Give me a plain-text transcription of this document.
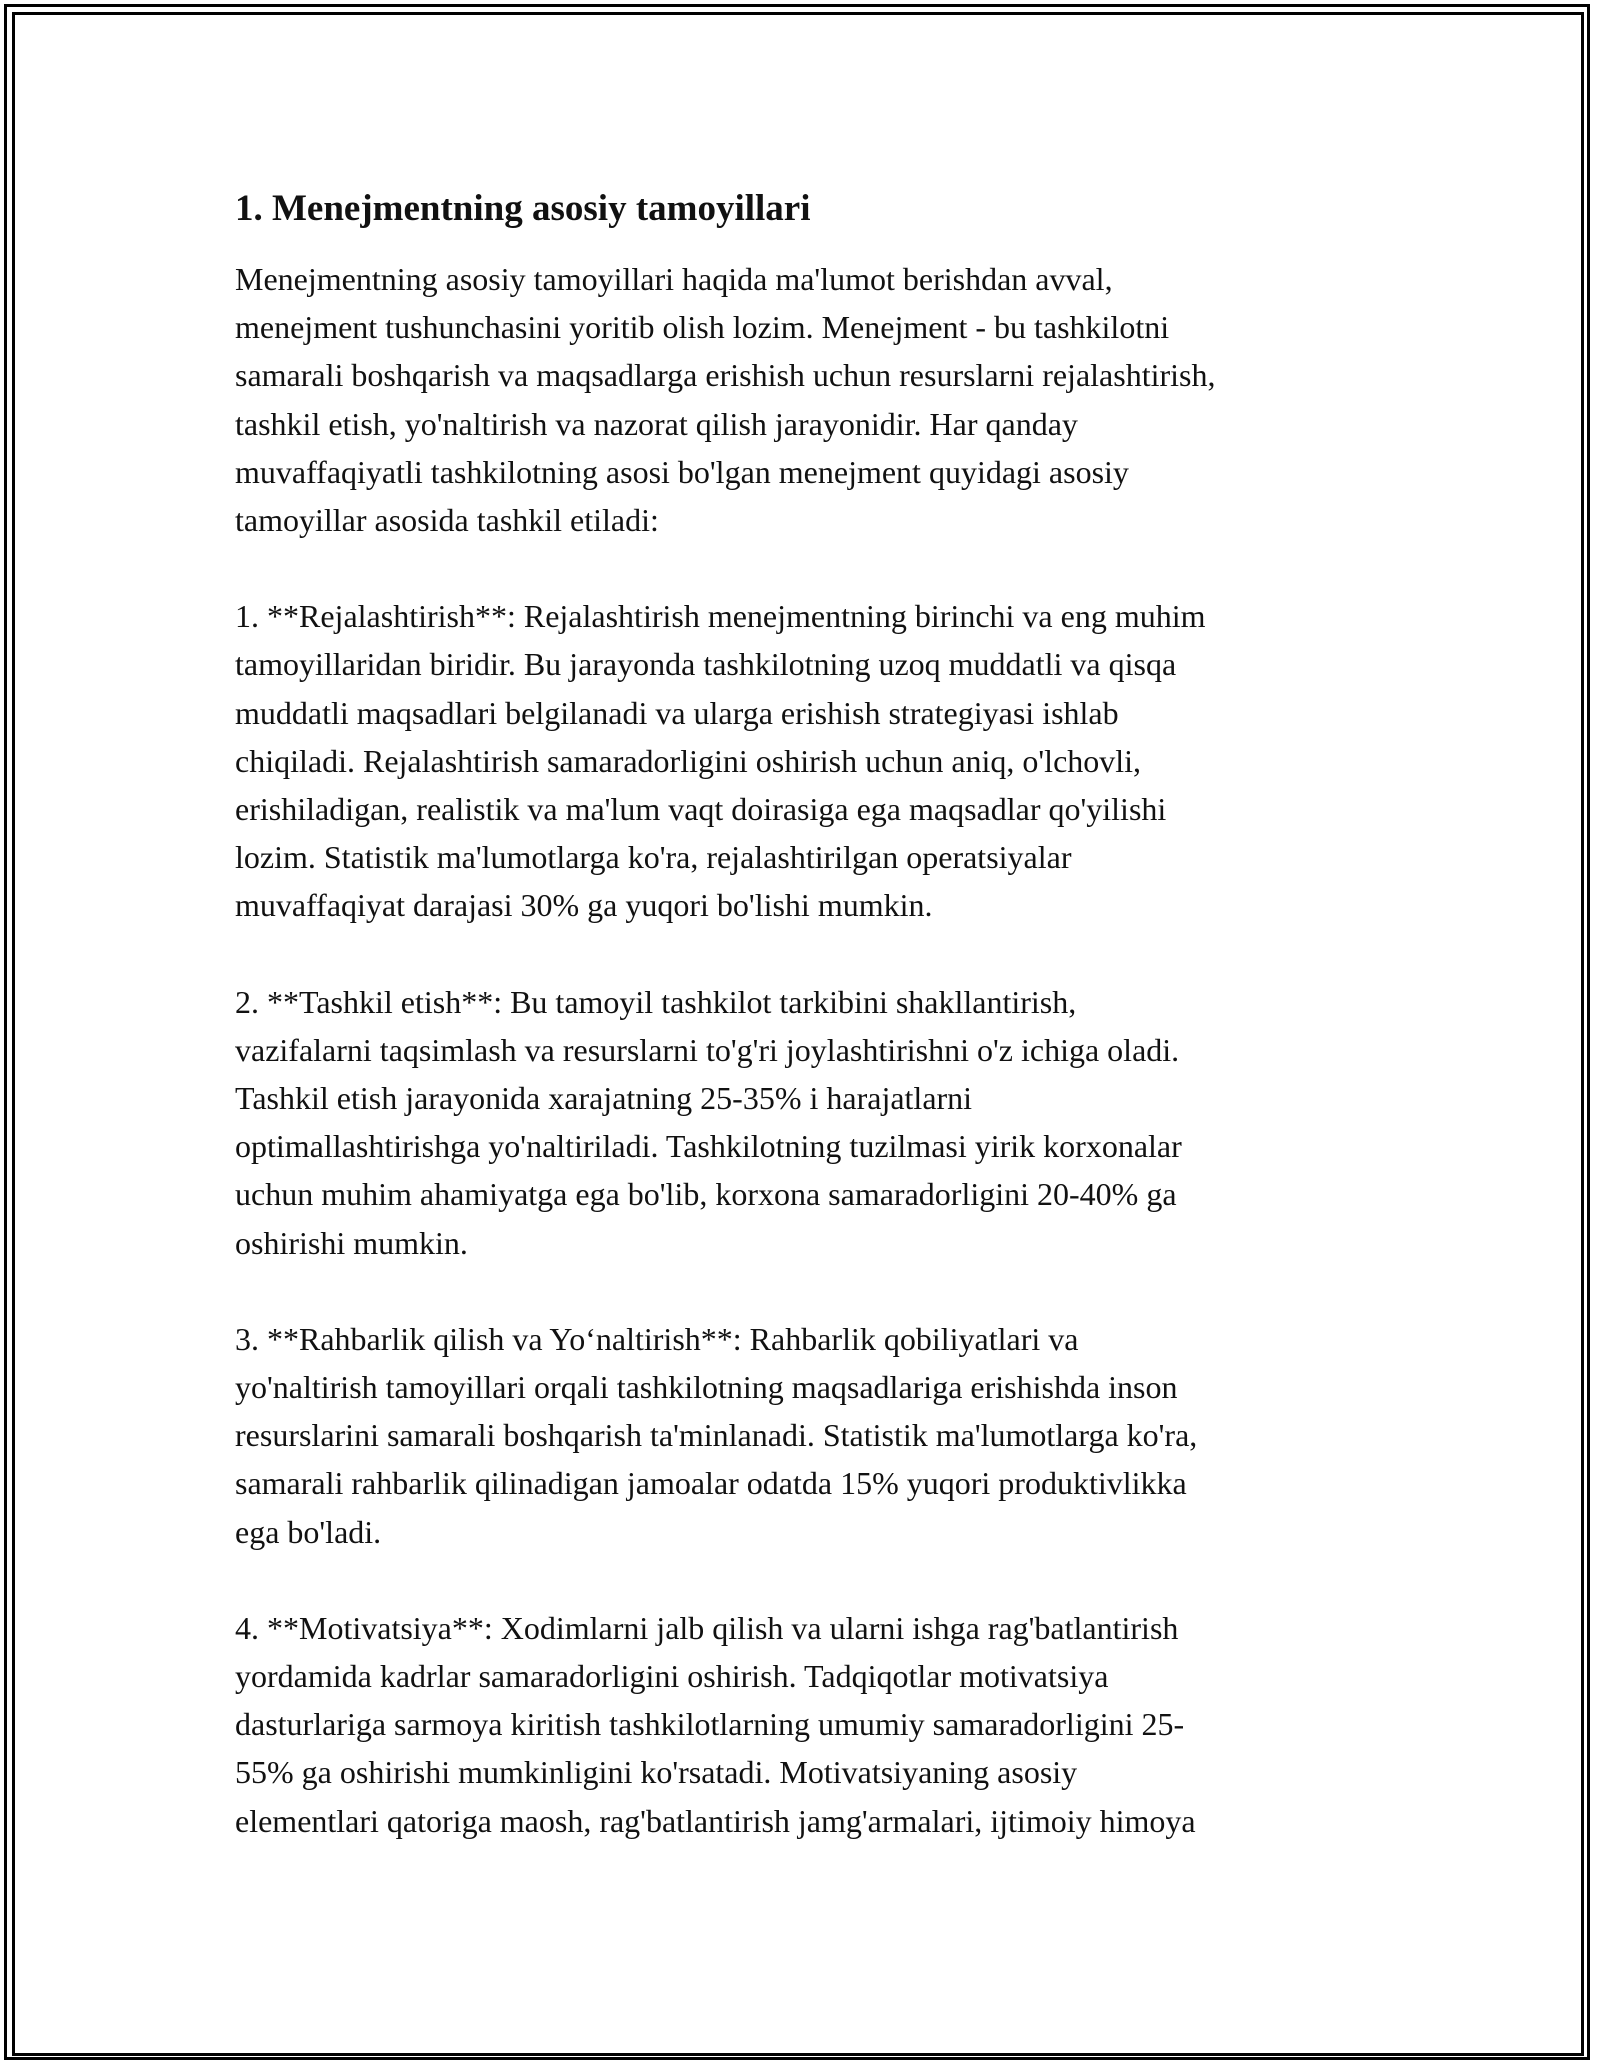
1. Menejmentning asosiy tamoyillari
Menejmentning asosiy tamoyillari haqida ma'lumot berishdan avval,
menejment tushunchasini yoritib olish lozim. Menejment - bu tashkilotni
samarali boshqarish va maqsadlarga erishish uchun resurslarni rejalashtirish,
tashkil etish, yo'naltirish va nazorat qilish jarayonidir. Har qanday
muvaffaqiyatli tashkilotning asosi bo'lgan menejment quyidagi asosiy
tamoyillar asosida tashkil etiladi:
1. **Rejalashtirish**: Rejalashtirish menejmentning birinchi va eng muhim
tamoyillaridan biridir. Bu jarayonda tashkilotning uzoq muddatli va qisqa
muddatli maqsadlari belgilanadi va ularga erishish strategiyasi ishlab
chiqiladi. Rejalashtirish samaradorligini oshirish uchun aniq, o'lchovli,
erishiladigan, realistik va ma'lum vaqt doirasiga ega maqsadlar qo'yilishi
lozim. Statistik ma'lumotlarga ko'ra, rejalashtirilgan operatsiyalar
muvaffaqiyat darajasi 30% ga yuqori bo'lishi mumkin.
2. **Tashkil etish**: Bu tamoyil tashkilot tarkibini shakllantirish,
vazifalarni taqsimlash va resurslarni to'g'ri joylashtirishni o'z ichiga oladi.
Tashkil etish jarayonida xarajatning 25-35% i harajatlarni
optimallashtirishga yo'naltiriladi. Tashkilotning tuzilmasi yirik korxonalar
uchun muhim ahamiyatga ega bo'lib, korxona samaradorligini 20-40% ga
oshirishi mumkin.
3. **Rahbarlik qilish va Yo‘naltirish**: Rahbarlik qobiliyatlari va
yo'naltirish tamoyillari orqali tashkilotning maqsadlariga erishishda inson
resurslarini samarali boshqarish ta'minlanadi. Statistik ma'lumotlarga ko'ra,
samarali rahbarlik qilinadigan jamoalar odatda 15% yuqori produktivlikka
ega bo'ladi.
4. **Motivatsiya**: Xodimlarni jalb qilish va ularni ishga rag'batlantirish
yordamida kadrlar samaradorligini oshirish. Tadqiqotlar motivatsiya
dasturlariga sarmoya kiritish tashkilotlarning umumiy samaradorligini 25-
55% ga oshirishi mumkinligini ko'rsatadi. Motivatsiyaning asosiy
elementlari qatoriga maosh, rag'batlantirish jamg'armalari, ijtimoiy himoya
